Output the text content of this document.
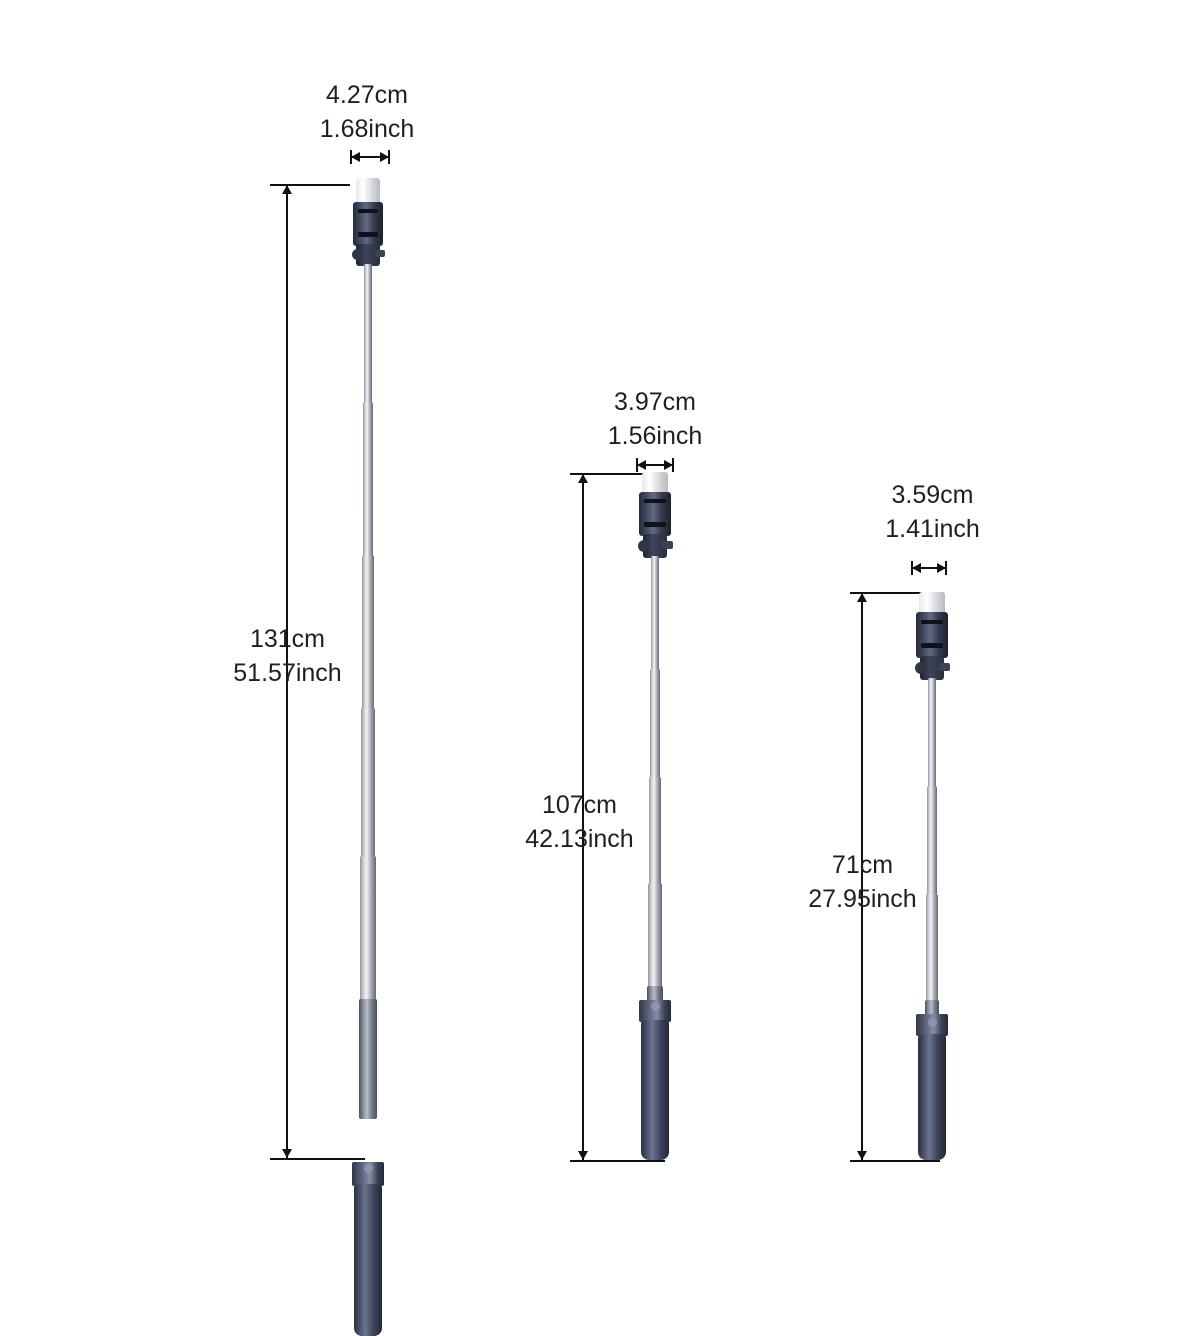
4.27cm
1.68inch
131cm
51.57inch
3.97cm
1.56inch
107cm
42.13inch
3.59cm
1.41inch
71cm
27.95inch
